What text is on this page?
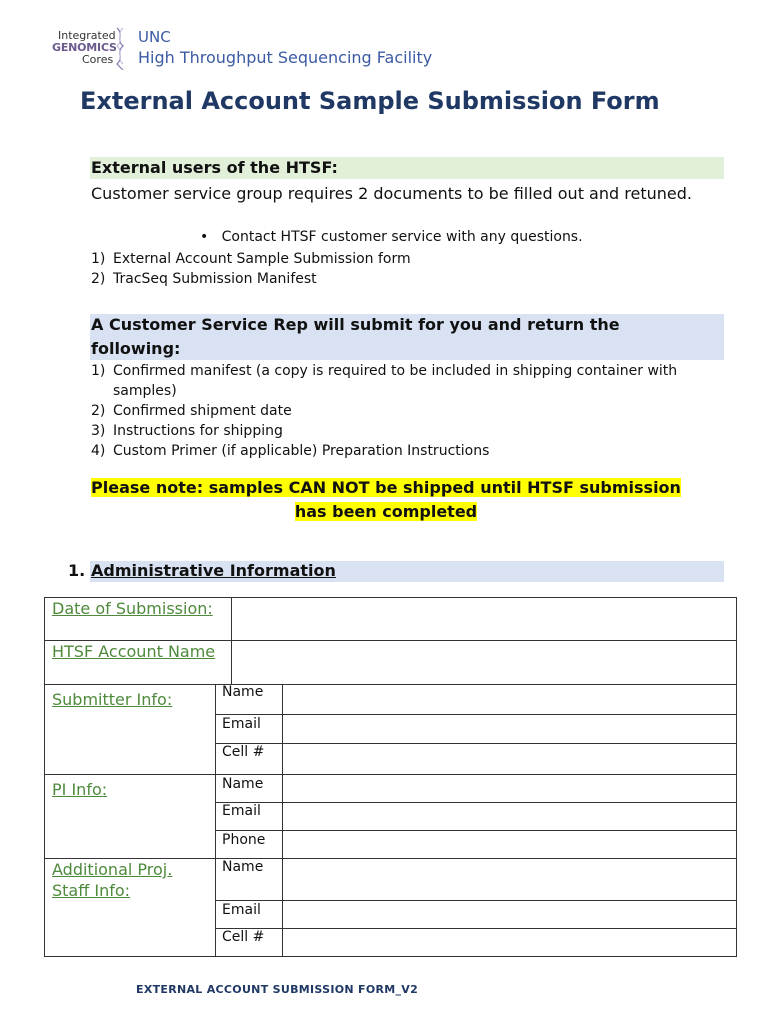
Integrated
GENOMICS
Cores
UNC
High Throughput Sequencing Facility
External Account Sample Submission Form
External users of the HTSF:
Customer service group requires 2 documents to be filled out and retuned.
• Contact HTSF customer service with any questions.
1) External Account Sample Submission form
2) TracSeq Submission Manifest
A Customer Service Rep will submit for you and return the following:
1) Confirmed manifest (a copy is required to be included in shipping container with samples)
2) Confirmed shipment date
3) Instructions for shipping
4) Custom Primer (if applicable) Preparation Instructions
Please note: samples CAN NOT be shipped until HTSF submission
has been completed
1. Administrative Information
Date of Submission:
HTSF Account Name
Submitter Info:
PI Info:
Additional Proj. Staff Info:
Name
Email
Cell #
Name
Email
Phone
Name
Email
Cell #
EXTERNAL ACCOUNT SUBMISSION FORM_V2
